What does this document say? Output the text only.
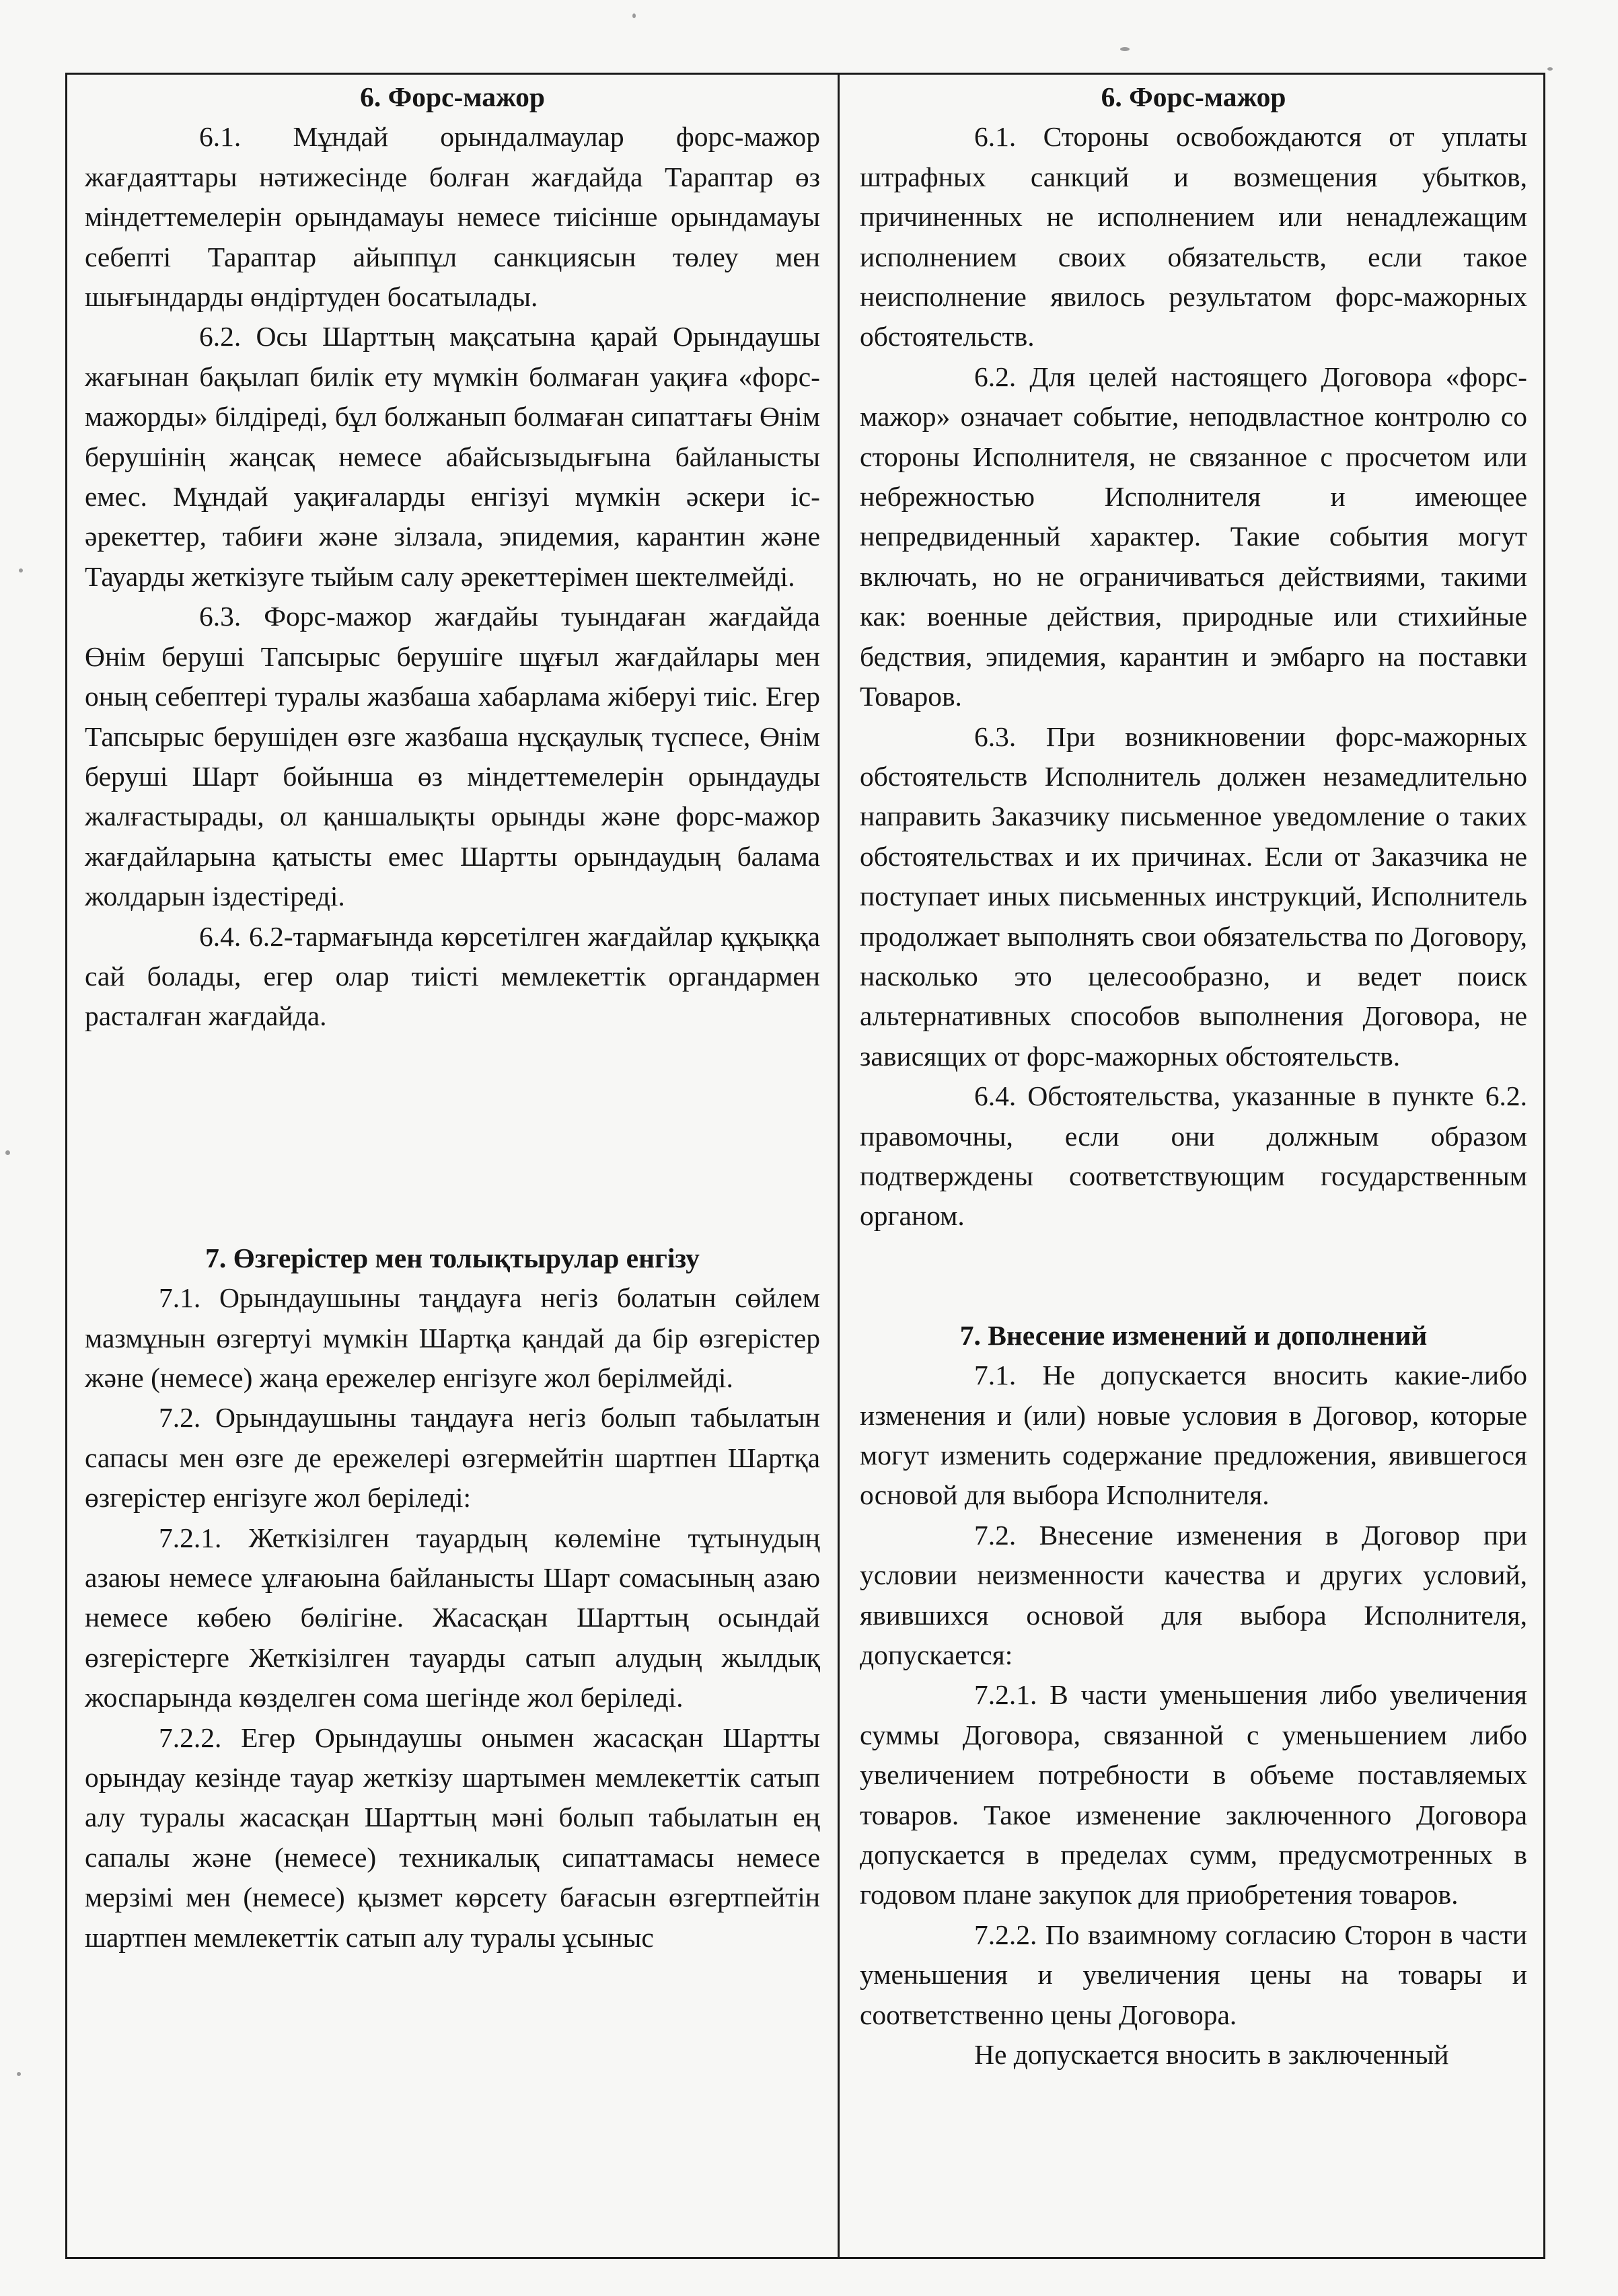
6. Форс-мажор

6.1. Мұндай орындалмаулар форс-мажор жағдаяттары нәтижесінде болған жағдайда Тараптар өз міндеттемелерін орындамауы немесе тиісінше орындамауы себепті Тараптар айыппұл санкциясын төлеу мен шығындарды өндіртуден босатылады.

6.2. Осы Шарттың мақсатына қарай Орындаушы жағынан бақылап билік ету мүмкін болмаған уақиға «форс-мажорды» білдіреді, бұл болжанып болмаған сипаттағы Өнім берушінің жаңсақ немесе абайсызыдығына байланысты емес. Мұндай уақиғаларды енгізуі мүмкін әскери іс-әрекеттер, табиғи және зілзала, эпидемия, карантин және Тауарды жеткізуге тыйым салу әрекеттерімен шектелмейді.

6.3. Форс-мажор жағдайы туындаған жағдайда Өнім беруші Тапсырыс берушіге шұғыл жағдайлары мен оның себептері туралы жазбаша хабарлама жіберуі тиіс. Егер Тапсырыс берушіден өзге жазбаша нұсқаулық түспесе, Өнім беруші Шарт бойынша өз міндеттемелерін орындауды жалғастырады, ол қаншалықты орынды және форс-мажор жағдайларына қатысты емес Шартты орындаудың балама жолдарын іздестіреді.

6.4. 6.2-тармағында көрсетілген жағдайлар құқыққа сай болады, егер олар тиісті мемлекеттік органдармен расталған жағдайда.

7. Өзгерістер мен толықтырулар енгізу

7.1. Орындаушыны таңдауға негіз болатын сөйлем мазмұнын өзгертуі мүмкін Шартқа қандай да бір өзгерістер және (немесе) жаңа ережелер енгізуге жол берілмейді.

7.2. Орындаушыны таңдауға негіз болып табылатын сапасы мен өзге де ережелері өзгермейтін шартпен Шартқа өзгерістер енгізуге жол беріледі:

7.2.1. Жеткізілген тауардың көлеміне тұтынудың азаюы немесе ұлғаюына байланысты Шарт сомасының азаю немесе көбею бөлігіне. Жасасқан Шарттың осындай өзгерістерге Жеткізілген тауарды сатып алудың жылдық жоспарында көзделген сома шегінде жол беріледі.

7.2.2. Егер Орындаушы онымен жасасқан Шартты орындау кезінде тауар жеткізу шартымен мемлекеттік сатып алу туралы жасасқан Шарттың мәні болып табылатын ең сапалы және (немесе) техникалық сипаттамасы немесе мерзімі мен (немесе) қызмет көрсету бағасын өзгертпейтін шартпен мемлекеттік сатып алу туралы ұсыныс

6. Форс-мажор

6.1. Стороны освобождаются от уплаты штрафных санкций и возмещения убытков, причиненных не исполнением или ненадлежащим исполнением своих обязательств, если такое неисполнение явилось результатом форс-мажорных обстоятельств.

6.2. Для целей настоящего Договора «форс-мажор» означает событие, неподвластное контролю со стороны Исполнителя, не связанное с просчетом или небрежностью Исполнителя и имеющее непредвиденный характер. Такие события могут включать, но не ограничиваться действиями, такими как: военные действия, природные или стихийные бедствия, эпидемия, карантин и эмбарго на поставки Товаров.

6.3. При возникновении форс-мажорных обстоятельств Исполнитель должен незамедлительно направить Заказчику письменное уведомление о таких обстоятельствах и их причинах. Если от Заказчика не поступает иных письменных инструкций, Исполнитель продолжает выполнять свои обязательства по Договору, насколько это целесообразно, и ведет поиск альтернативных способов выполнения Договора, не зависящих от форс-мажорных обстоятельств.

6.4. Обстоятельства, указанные в пункте 6.2. правомочны, если они должным образом подтверждены соответствующим государственным органом.

7. Внесение изменений и дополнений

7.1. Не допускается вносить какие-либо изменения и (или) новые условия в Договор, которые могут изменить содержание предложения, явившегося основой для выбора Исполнителя.

7.2. Внесение изменения в Договор при условии неизменности качества и других условий, явившихся основой для выбора Исполнителя, допускается:

7.2.1. В части уменьшения либо увеличения суммы Договора, связанной с уменьшением либо увеличением потребности в объеме поставляемых товаров. Такое изменение заключенного Договора допускается в пределах сумм, предусмотренных в годовом плане закупок для приобретения товаров.

7.2.2. По взаимному согласию Сторон в части уменьшения и увеличения цены на товары и соответственно цены Договора.

Не допускается вносить в заключенный
